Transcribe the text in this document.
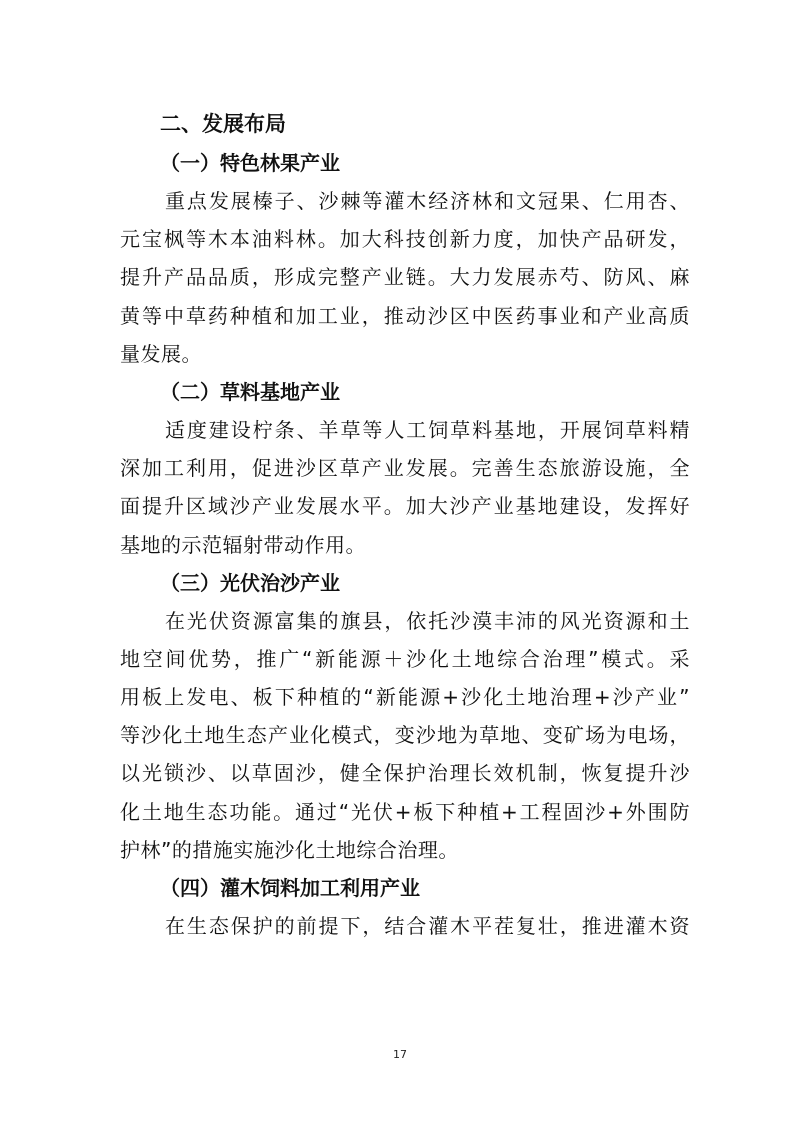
二、发展布局
（一）特色林果产业
重点发展榛子、沙棘等灌木经济林和文冠果、仁用杏、
元宝枫等木本油料林。加大科技创新力度，加快产品研发，
提升产品品质，形成完整产业链。大力发展赤芍、防风、麻
黄等中草药种植和加工业，推动沙区中医药事业和产业高质
量发展。
（二）草料基地产业
适度建设柠条、羊草等人工饲草料基地，开展饲草料精
深加工利用，促进沙区草产业发展。完善生态旅游设施，全
面提升区域沙产业发展水平。加大沙产业基地建设，发挥好
基地的示范辐射带动作用。
（三）光伏治沙产业
在光伏资源富集的旗县，依托沙漠丰沛的风光资源和土
地空间优势，推广“新能源＋沙化土地综合治理”模式。采
用板上发电、板下种植的“新能源+沙化土地治理+沙产业”
等沙化土地生态产业化模式，变沙地为草地、变矿场为电场，
以光锁沙、以草固沙，健全保护治理长效机制，恢复提升沙
化土地生态功能。通过“光伏+板下种植+工程固沙+外围防
护林”的措施实施沙化土地综合治理。
（四）灌木饲料加工利用产业
在生态保护的前提下，结合灌木平茬复壮，推进灌木资
17
